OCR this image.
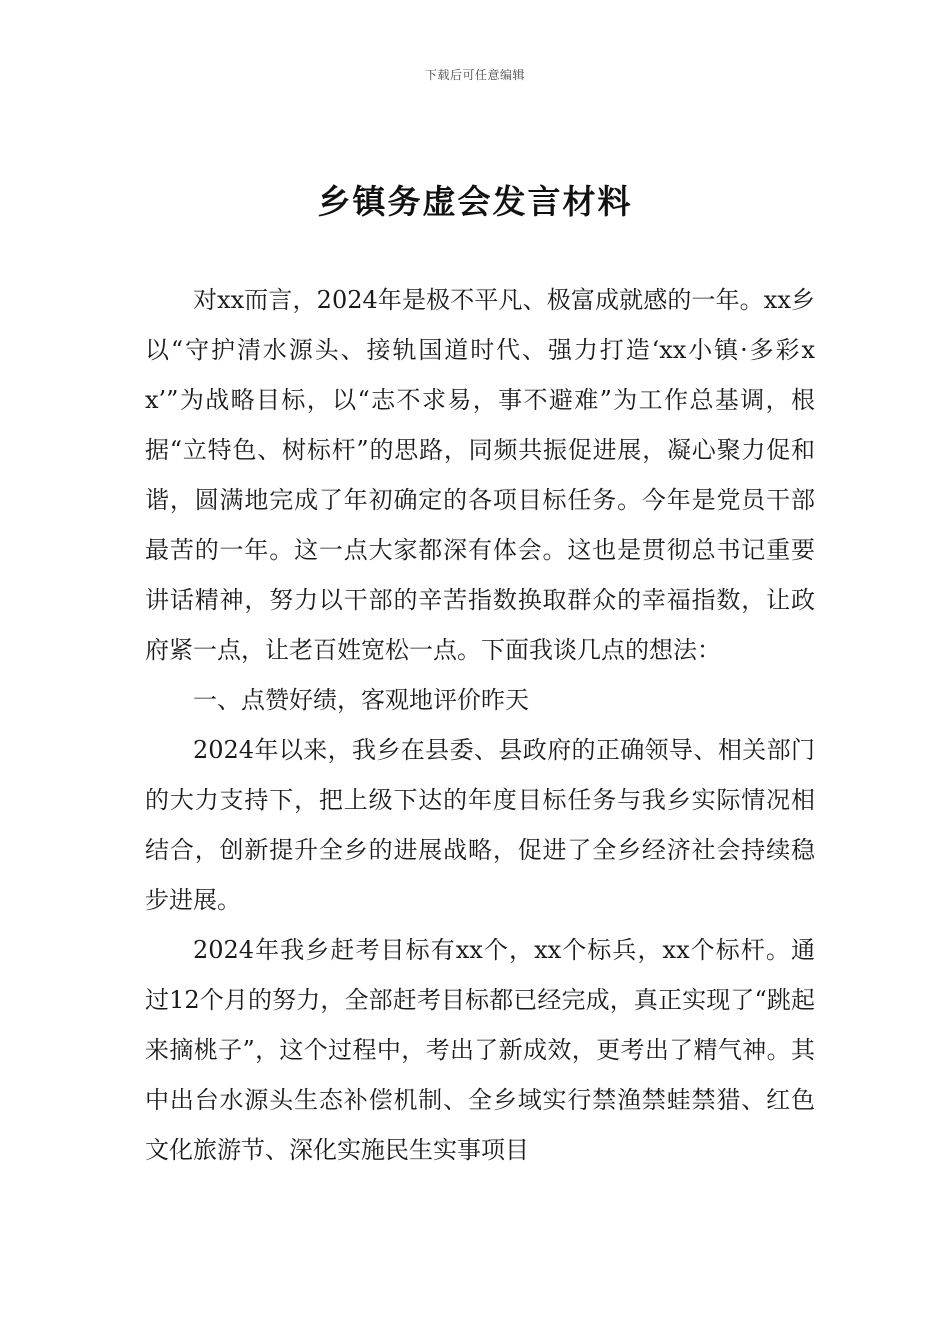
下载后可任意编辑
乡镇务虚会发言材料

对xx而言，2024年是极不平凡、极富成就感的一年。xx乡以“守护清水源头、接轨国道时代、强力打造‘xx小镇·多彩xx’”为战略目标，以“志不求易，事不避难”为工作总基调，根据“立特色、树标杆”的思路，同频共振促进展，凝心聚力促和谐，圆满地完成了年初确定的各项目标任务。今年是党员干部最苦的一年。这一点大家都深有体会。这也是贯彻总书记重要讲话精神，努力以干部的辛苦指数换取群众的幸福指数，让政府紧一点，让老百姓宽松一点。下面我谈几点的想法：

一、点赞好绩，客观地评价昨天

2024年以来，我乡在县委、县政府的正确领导、相关部门的大力支持下，把上级下达的年度目标任务与我乡实际情况相结合，创新提升全乡的进展战略，促进了全乡经济社会持续稳步进展。

2024年我乡赶考目标有xx个，xx个标兵，xx个标杆。通过12个月的努力，全部赶考目标都已经完成，真正实现了“跳起来摘桃子”，这个过程中，考出了新成效，更考出了精气神。其中出台水源头生态补偿机制、全乡域实行禁渔禁蛙禁猎、红色文化旅游节、深化实施民生实事项目
